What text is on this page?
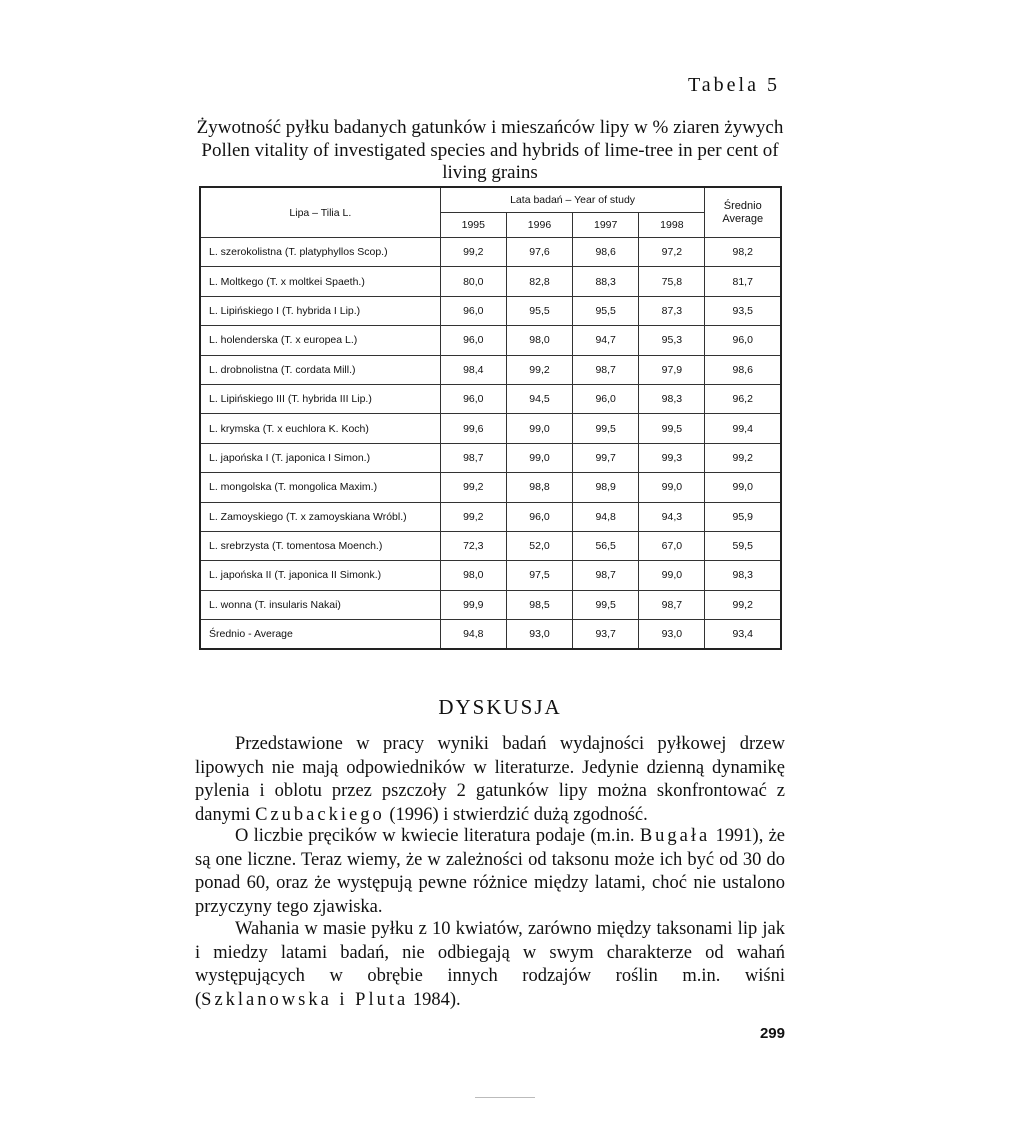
Tabela 5
Żywotność pyłku badanych gatunków i mieszańców lipy w % ziaren żywych
Pollen vitality of investigated species and hybrids of lime-tree in per cent of living grains
Lipa – Tilia L.	Lata badań – Year of study				Średnio
Average

	1995	1996	1997	1998	
L. szerokolistna (T. platyphyllos Scop.)	99,2	97,6	98,6	97,2	98,2
L. Moltkego (T. x moltkei Spaeth.)	80,0	82,8	88,3	75,8	81,7
L. Lipińskiego I (T. hybrida I Lip.)	96,0	95,5	95,5	87,3	93,5
L. holenderska (T. x europea L.)	96,0	98,0	94,7	95,3	96,0
L. drobnolistna (T. cordata Mill.)	98,4	99,2	98,7	97,9	98,6
L. Lipińskiego III (T. hybrida III Lip.)	96,0	94,5	96,0	98,3	96,2
L. krymska (T. x euchlora K. Koch)	99,6	99,0	99,5	99,5	99,4
L. japońska I (T. japonica I Simon.)	98,7	99,0	99,7	99,3	99,2
L. mongolska (T. mongolica Maxim.)	99,2	98,8	98,9	99,0	99,0
L. Zamoyskiego (T. x zamoyskiana Wróbl.)	99,2	96,0	94,8	94,3	95,9
L. srebrzysta (T. tomentosa Moench.)	72,3	52,0	56,5	67,0	59,5
L. japońska II (T. japonica II Simonk.)	98,0	97,5	98,7	99,0	98,3
L. wonna (T. insularis Nakai)	99,9	98,5	99,5	98,7	99,2
Średnio - Average	94,8	93,0	93,7	93,0	93,4
DYSKUSJA

Przedstawione w pracy wyniki badań wydajności pyłkowej drzew lipowych nie mają odpowiedników w literaturze. Jedynie dzienną dynamikę pylenia i oblotu przez pszczoły 2 gatunków lipy można skonfrontować z danymi Czubackiego (1996) i stwierdzić dużą zgodność.

O liczbie pręcików w kwiecie literatura podaje (m.in. Bugała 1991), że są one liczne. Teraz wiemy, że w zależności od taksonu może ich być od 30 do ponad 60, oraz że występują pewne różnice między latami, choć nie ustalono przyczyny tego zjawiska.

Wahania w masie pyłku z 10 kwiatów, zarówno między taksonami lip jak i miedzy latami badań, nie odbiegają w swym charakterze od wahań występujących w obrębie innych rodzajów roślin m.in. wiśni (Szklanowska i Pluta 1984).

299
